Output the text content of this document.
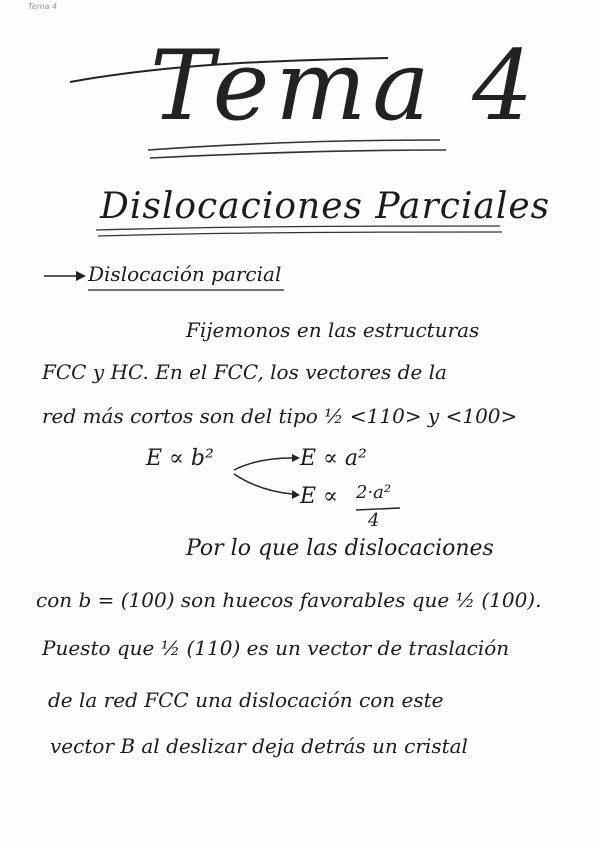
Tema 4
Tema 4
Dislocaciones Parciales
Dislocación parcial
Fijemonos en las estructuras
FCC y HC. En el FCC, los vectores de la
red más cortos son del tipo ½ <110> y <100>
E ∝ b²	E ∝ a²
E ∝ 2·a²
4
Por lo que las dislocaciones
con b = (100) son huecos favorables que ½ (100).
Puesto que ½ (110) es un vector de traslación
de la red FCC una dislocación con este
vector B al deslizar deja detrás un cristal
